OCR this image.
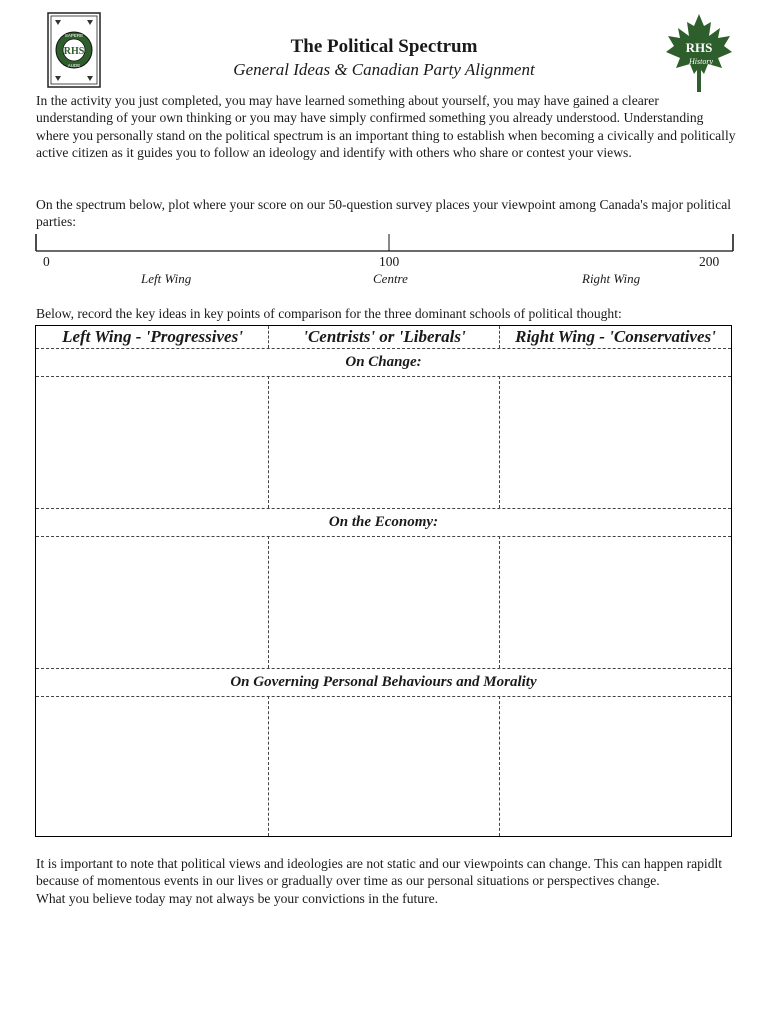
RHS
SAPERE
AUDE
The Political Spectrum
General Ideas & Canadian Party Alignment
RHS
History

In the activity you just completed, you may have learned something about yourself, you may have gained a clearer understanding of your own thinking or you may have simply confirmed something you already understood. Understanding where you personally stand on the political spectrum is an important thing to establish when becoming a civically and politically active citizen as it guides you to follow an ideology and identify with others who share or contest your views.

On the spectrum below, plot where your score on our 50-question survey places your viewpoint among Canada's major political parties:

0	100	200
Left Wing	Centre	Right Wing

Below, record the key ideas in key points of comparison for the three dominant schools of political thought:

Left Wing - 'Progressives'	'Centrists' or 'Liberals'	Right Wing - 'Conservatives'
On Change:
On the Economy:
On Governing Personal Behaviours and Morality
It is important to note that political views and ideologies are not static and our viewpoints can change. This can happen rapidlt because of momentous events in our lives or gradually over time as our personal situations or perspectives change.
What you believe today may not always be your convictions in the future.
